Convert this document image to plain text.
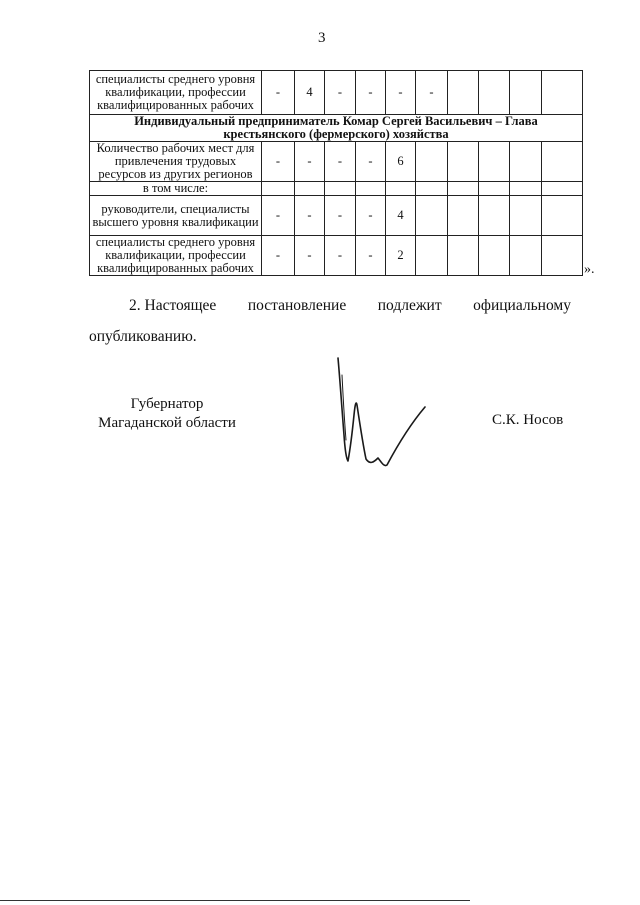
3
специалисты среднего уровня квалификации, профессии квалифицированных рабочих	-	4	-	-	-	-				
Индивидуальный предприниматель Комар Сергей Васильевич – Глава крестьянского (фермерского) хозяйства										
Количество рабочих мест для привлечения трудовых ресурсов из других регионов	-	-	-	-	6					
в том числе:										
руководители, специалисты высшего уровня квалификации	-	-	-	-	4					
специалисты среднего уровня квалификации, профессии квалифицированных рабочих	-	-	-	-	2					
».
2. Настоящее постановление подлежит официальному
опубликованию.
Губернатор
Магаданской области	С.К. Носов
